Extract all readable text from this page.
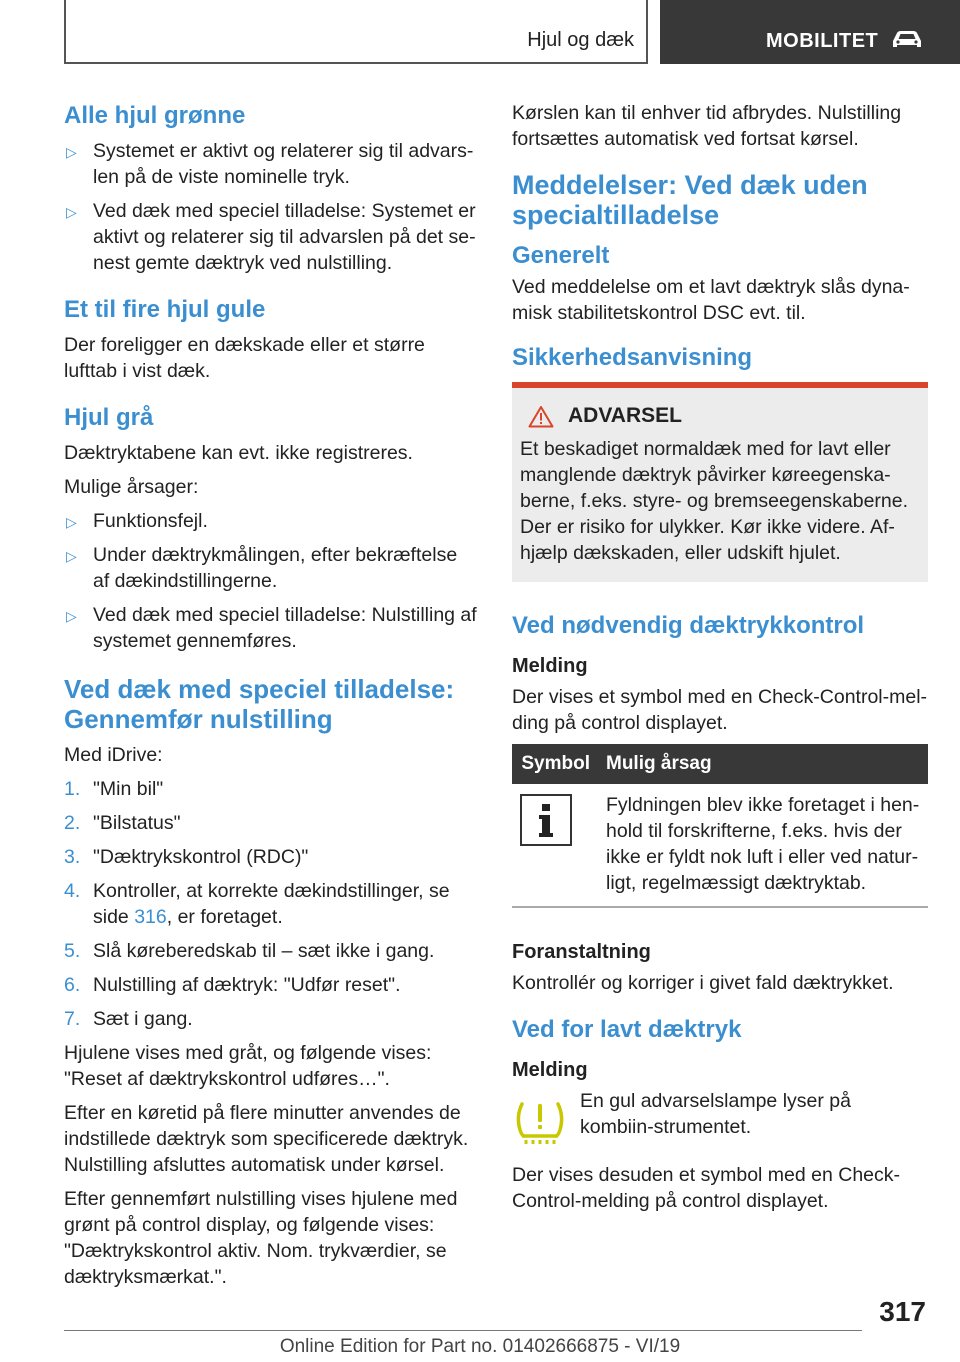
Hjul og dæk	MOBILITET
Alle hjul grønne
▷ Systemet er aktivt og relaterer sig til advars-len på de viste nominelle tryk.
▷ Ved dæk med speciel tilladelse: Systemet er aktivt og relaterer sig til advarslen på det se-nest gemte dæktryk ved nulstilling.
Et til fire hjul gule

Der foreligger en dækskade eller et større lufttab i vist dæk.

Hjul grå

Dæktryktabene kan evt. ikke registreres.

Mulige årsager:

▷ Funktionsfejl.
▷ Under dæktrykmålingen, efter bekræftelse af dækindstillingerne.
▷ Ved dæk med speciel tilladelse: Nulstilling af systemet gennemføres.
Ved dæk med speciel tilladelse: Gennemfør nulstilling

Med iDrive:

1. "Min bil"
2. "Bilstatus"
3. "Dæktrykskontrol (RDC)"
4. Kontroller, at korrekte dækindstillinger, se side 316, er foretaget.
5. Slå køreberedskab til – sæt ikke i gang.
6. Nulstilling af dæktryk: "Udfør reset".
7. Sæt i gang.

Hjulene vises med gråt, og følgende vises: "Reset af dæktrykskontrol udføres…".

Efter en køretid på flere minutter anvendes de indstillede dæktryk som specificerede dæktryk. Nulstilling afsluttes automatisk under kørsel.

Efter gennemført nulstilling vises hjulene med grønt på control display, og følgende vises: "Dæktrykskontrol aktiv. Nom. trykværdier, se dæktryksmærkat.".

Kørslen kan til enhver tid afbrydes. Nulstilling fortsættes automatisk ved fortsat kørsel.

Meddelelser: Ved dæk uden specialtilladelse
Generelt

Ved meddelelse om et lavt dæktryk slås dyna-misk stabilitetskontrol DSC evt. til.

Sikkerhedsanvisning
ADVARSEL

Et beskadiget normaldæk med for lavt eller manglende dæktryk påvirker køreegenska-berne, f.eks. styre- og bremseegenskaberne. Der er risiko for ulykker. Kør ikke videre. Af-hjælp dækskaden, eller udskift hjulet.

Ved nødvendig dæktrykkontrol
Melding

Der vises et symbol med en Check-Control-mel-ding på control displayet.

Symbol	Mulig årsag

	Fyldningen blev ikke foretaget i hen-hold til forskrifterne, f.eks. hvis der ikke er fyldt nok luft i eller ved natur-ligt, regelmæssigt dæktryktab.
Foranstaltning

Kontrollér og korriger i givet fald dæktrykket.

Ved for lavt dæktryk
Melding

En gul advarselslampe lyser på kombiin-strumentet.

Der vises desuden et symbol med en Check-Control-melding på control displayet.

317
Online Edition for Part no. 01402666875 - VI/19
